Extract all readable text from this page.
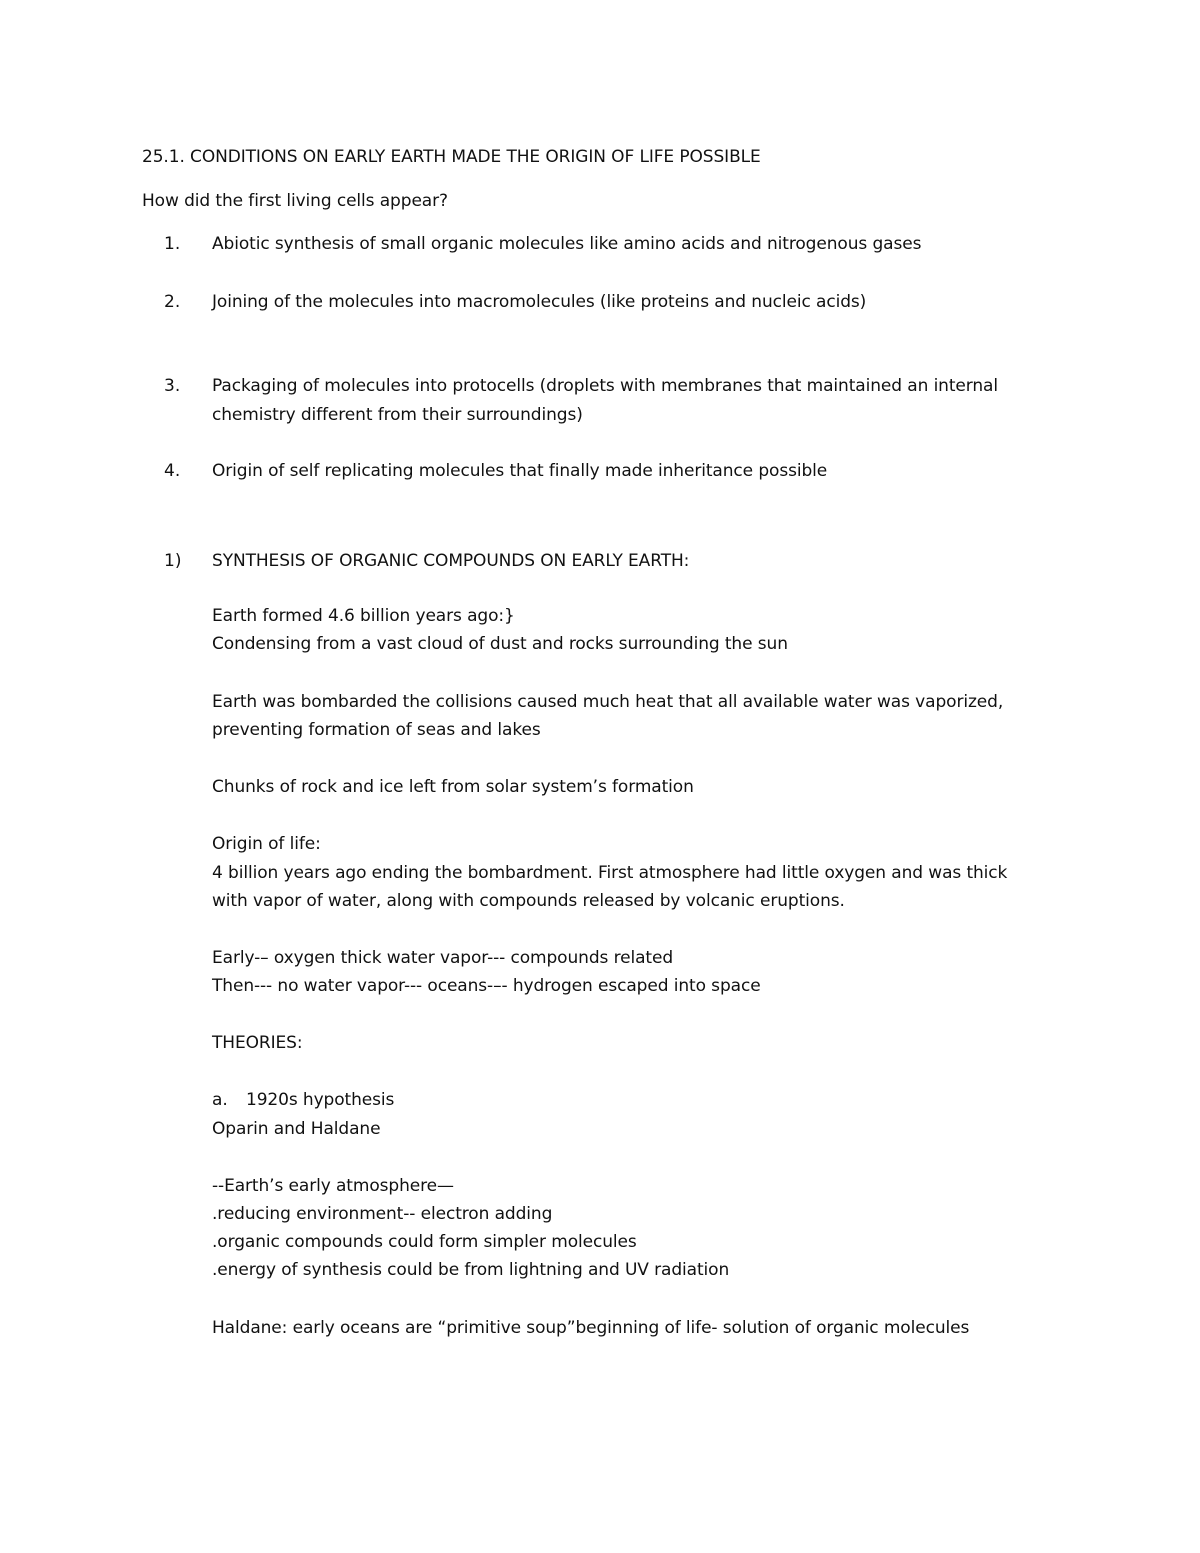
25.1. CONDITIONS ON EARLY EARTH MADE THE ORIGIN OF LIFE POSSIBLE
How did the first living cells appear?
1. Abiotic synthesis of small organic molecules like amino acids and nitrogenous gases
2. Joining of the molecules into macromolecules (like proteins and nucleic acids)
3. Packaging of molecules into protocells (droplets with membranes that maintained an internal
chemistry different from their surroundings)
4. Origin of self replicating molecules that finally made inheritance possible
1) SYNTHESIS OF ORGANIC COMPOUNDS ON EARLY EARTH:
Earth formed 4.6 billion years ago:}
Condensing from a vast cloud of dust and rocks surrounding the sun
Earth was bombarded the collisions caused much heat that all available water was vaporized,
preventing formation of seas and lakes
Chunks of rock and ice left from solar system’s formation
Origin of life:
4 billion years ago ending the bombardment. First atmosphere had little oxygen and was thick
with vapor of water, along with compounds released by volcanic eruptions.
Early-– oxygen thick water vapor--- compounds related
Then--- no water vapor--- oceans-–- hydrogen escaped into space
THEORIES:
a. 1920s hypothesis
Oparin and Haldane
--Earth’s early atmosphere—
.reducing environment-- electron adding
.organic compounds could form simpler molecules
.energy of synthesis could be from lightning and UV radiation
Haldane: early oceans are “primitive soup”beginning of life- solution of organic molecules
